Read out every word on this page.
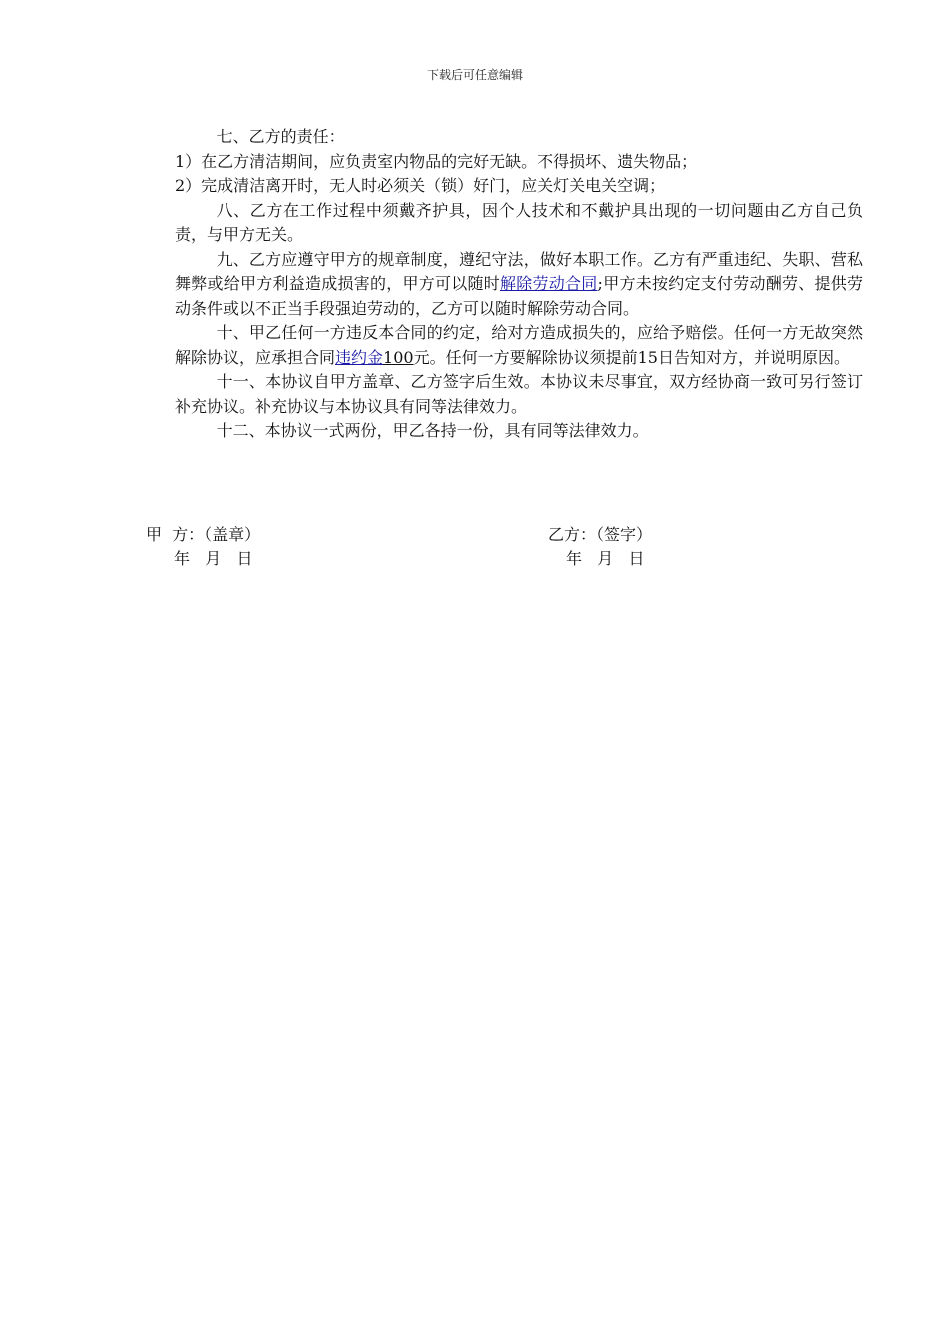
下载后可任意编辑

七、乙方的责任：

1）在乙方清洁期间，应负责室内物品的完好无缺。不得损坏、遗失物品；

2）完成清洁离开时，无人时必须关（锁）好门，应关灯关电关空调；

八、乙方在工作过程中须戴齐护具，因个人技术和不戴护具出现的一切问题由乙方自己负责，与甲方无关。

九、乙方应遵守甲方的规章制度，遵纪守法，做好本职工作。乙方有严重违纪、失职、营私舞弊或给甲方利益造成损害的，甲方可以随时解除劳动合同;甲方未按约定支付劳动酬劳、提供劳动条件或以不正当手段强迫劳动的，乙方可以随时解除劳动合同。

十、甲乙任何一方违反本合同的约定，给对方造成损失的，应给予赔偿。任何一方无故突然解除协议，应承担合同违约金100元。任何一方要解除协议须提前15日告知对方，并说明原因。

十一、本协议自甲方盖章、乙方签字后生效。本协议未尽事宜，双方经协商一致可另行签订补充协议。补充协议与本协议具有同等法律效力。

十二、本协议一式两份，甲乙各持一份，具有同等法律效力。

甲  方：（盖章）
年   月   日
乙方：（签字）
年   月   日
